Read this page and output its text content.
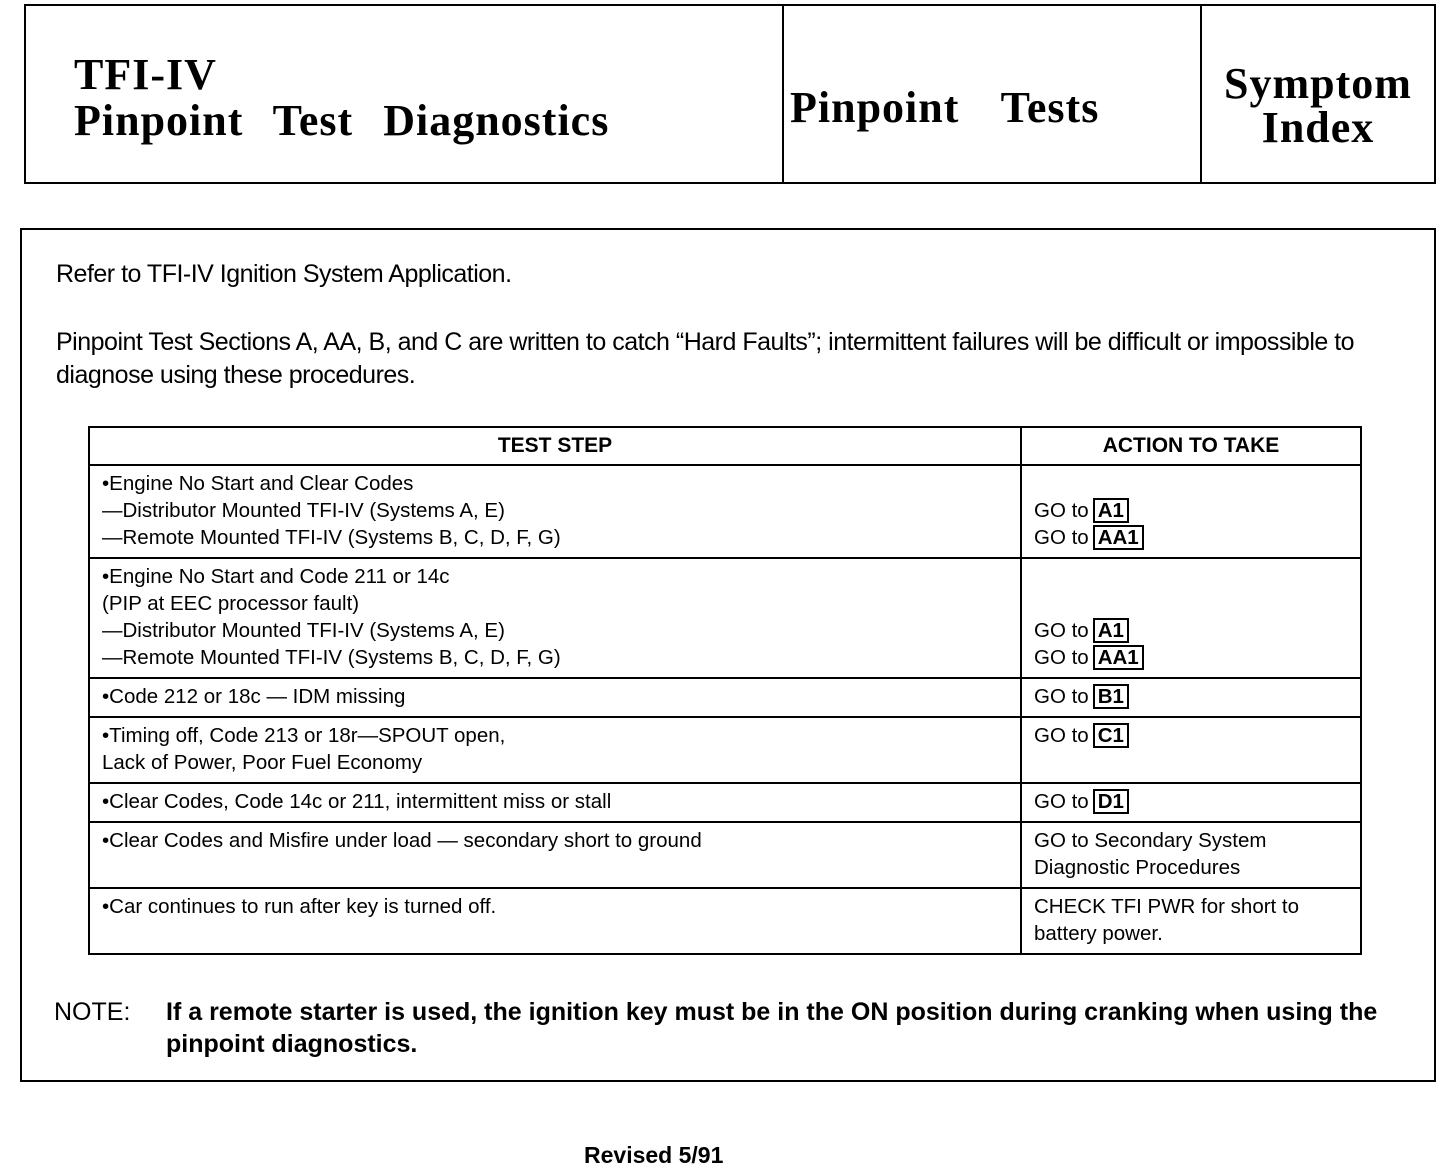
TFI-IV
Pinpoint Test Diagnostics	Pinpoint Tests	Symptom
Index
Refer to TFI-IV Ignition System Application.
Pinpoint Test Sections A, AA, B, and C are written to catch “Hard Faults”; intermittent failures will be difficult or impossible to diagnose using these procedures.
TEST STEP	ACTION TO TAKE

•Engine No Start and Clear Codes
—Distributor Mounted TFI-IV (Systems A, E)
—Remote Mounted TFI-IV (Systems B, C, D, F, G)	GO to A1
GO to AA1

•Engine No Start and Code 211 or 14c
(PIP at EEC processor fault)
—Distributor Mounted TFI-IV (Systems A, E)
—Remote Mounted TFI-IV (Systems B, C, D, F, G)	GO to A1
GO to AA1

•Code 212 or 18c — IDM missing	GO to B1

•Timing off, Code 213 or 18r—SPOUT open,
Lack of Power, Poor Fuel Economy	GO to C1

•Clear Codes, Code 14c or 211, intermittent miss or stall	GO to D1

•Clear Codes and Misfire under load — secondary short to ground	GO to Secondary System
Diagnostic Procedures

•Car continues to run after key is turned off.	CHECK TFI PWR for short to
battery power.
NOTE: If a remote starter is used, the ignition key must be in the ON position during cranking when using the pinpoint diagnostics.
Revised 5/91
